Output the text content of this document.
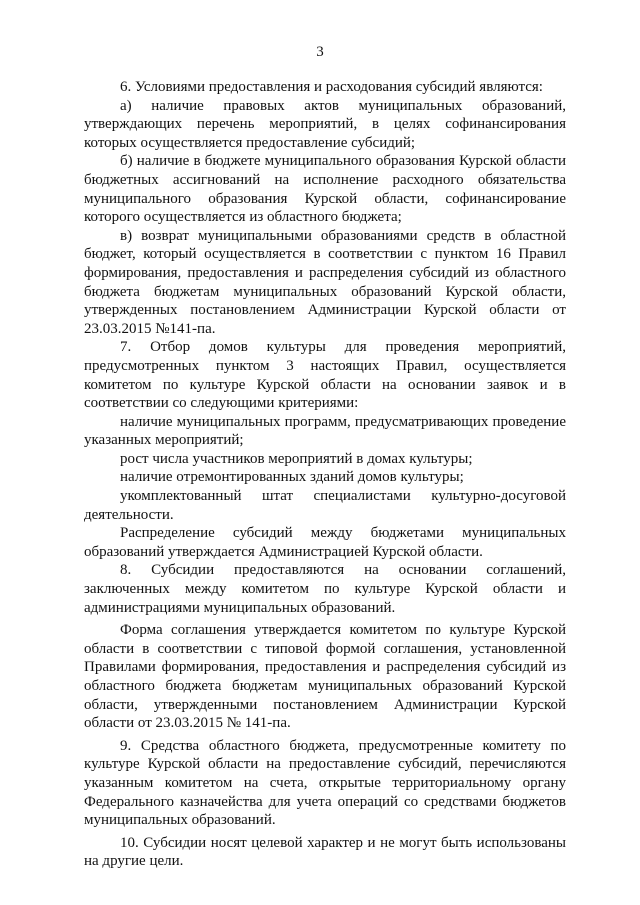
3

6. Условиями предоставления и расходования субсидий являются:

а) наличие правовых актов муниципальных образований, утверждающих перечень мероприятий, в целях софинансирования которых осуществляется предоставление субсидий;

б) наличие в бюджете муниципального образования Курской области бюджетных ассигнований на исполнение расходного обязательства муниципального образования Курской области, софинансирование которого осуществляется из областного бюджета;

в) возврат муниципальными образованиями средств в областной бюджет, который осуществляется в соответствии с пунктом 16 Правил формирования, предоставления и распределения субсидий из областного бюджета бюджетам муниципальных образований Курской области, утвержденных постановлением Администрации Курской области от 23.03.2015 №141-па.

7. Отбор домов культуры для проведения мероприятий, предусмотренных пунктом 3 настоящих Правил, осуществляется комитетом по культуре Курской области на основании заявок и в соответствии со следующими критериями:

наличие муниципальных программ, предусматривающих проведение указанных мероприятий;

рост числа участников мероприятий в домах культуры;

наличие отремонтированных зданий домов культуры;

укомплектованный штат специалистами культурно-досуговой деятельности.

Распределение субсидий между бюджетами муниципальных образований утверждается Администрацией Курской области.

8. Субсидии предоставляются на основании соглашений, заключенных между комитетом по культуре Курской области и администрациями муниципальных образований.

Форма соглашения утверждается комитетом по культуре Курской области в соответствии с типовой формой соглашения, установленной Правилами формирования, предоставления и распределения субсидий из областного бюджета бюджетам муниципальных образований Курской области, утвержденными постановлением Администрации Курской области от 23.03.2015 № 141-па.

9. Средства областного бюджета, предусмотренные комитету по культуре Курской области на предоставление субсидий, перечисляются указанным комитетом на счета, открытые территориальному органу Федерального казначейства для учета операций со средствами бюджетов муниципальных образований.

10. Субсидии носят целевой характер и не могут быть использованы на другие цели.
